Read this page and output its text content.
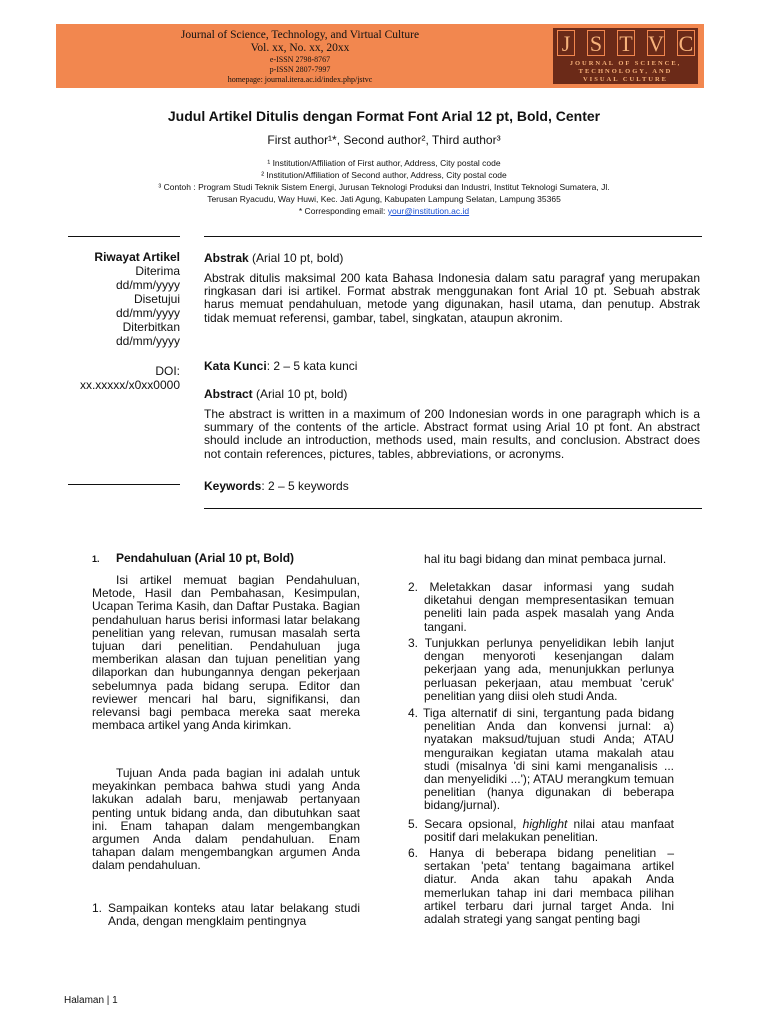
Journal of Science, Technology, and Virtual Culture
Vol. xx, No. xx, 20xx
e-ISSN 2798-8767
p-ISSN 2807-7997
homepage: journal.itera.ac.id/index.php/jstvc
J S T V C
JOURNAL OF SCIENCE,
TECHNOLOGY, AND
VISUAL CULTURE
Judul Artikel Ditulis dengan Format Font Arial 12 pt, Bold, Center
First author¹*, Second author², Third author³
¹ Institution/Affiliation of First author, Address, City postal code
² Institution/Affiliation of Second author, Address, City postal code
³ Contoh : Program Studi Teknik Sistem Energi, Jurusan Teknologi Produksi dan Industri, Institut Teknologi Sumatera, Jl.
Terusan Ryacudu, Way Huwi, Kec. Jati Agung, Kabupaten Lampung Selatan, Lampung 35365
* Corresponding email: your@institution.ac.id
Riwayat Artikel
Diterima
dd/mm/yyyy
Disetujui
dd/mm/yyyy
Diterbitkan
dd/mm/yyyy
DOI:
xx.xxxxx/x0xx0000
Abstrak (Arial 10 pt, bold)
Abstrak ditulis maksimal 200 kata Bahasa Indonesia dalam satu paragraf yang merupakan ringkasan dari isi artikel. Format abstrak menggunakan font Arial 10 pt. Sebuah abstrak harus memuat pendahuluan, metode yang digunakan, hasil utama, dan penutup. Abstrak tidak memuat referensi, gambar, tabel, singkatan, ataupun akronim.
Kata Kunci: 2 – 5 kata kunci
Abstract (Arial 10 pt, bold)
The abstract is written in a maximum of 200 Indonesian words in one paragraph which is a summary of the contents of the article. Abstract format using Arial 10 pt font. An abstract should include an introduction, methods used, main results, and conclusion. Abstract does not contain references, pictures, tables, abbreviations, or acronyms.
Keywords: 2 – 5 keywords
1. Pendahuluan (Arial 10 pt, Bold)
Isi artikel memuat bagian Pendahuluan, Metode, Hasil dan Pembahasan, Kesimpulan, Ucapan Terima Kasih, dan Daftar Pustaka. Bagian pendahuluan harus berisi informasi latar belakang penelitian yang relevan, rumusan masalah serta tujuan dari penelitian. Pendahuluan juga memberikan alasan dan tujuan penelitian yang dilaporkan dan hubungannya dengan pekerjaan sebelumnya pada bidang serupa. Editor dan reviewer mencari hal baru, signifikansi, dan relevansi bagi pembaca mereka saat mereka membaca artikel yang Anda kirimkan.
Tujuan Anda pada bagian ini adalah untuk meyakinkan pembaca bahwa studi yang Anda lakukan adalah baru, menjawab pertanyaan penting untuk bidang anda, dan dibutuhkan saat ini. Enam tahapan dalam mengembangkan argumen Anda dalam pendahuluan. Enam tahapan dalam mengembangkan argumen Anda dalam pendahuluan.
1. Sampaikan konteks atau latar belakang studi Anda, dengan mengklaim pentingnya
hal itu bagi bidang dan minat pembaca jurnal.
2. Meletakkan dasar informasi yang sudah diketahui dengan mempresentasikan temuan peneliti lain pada aspek masalah yang Anda tangani.
3. Tunjukkan perlunya penyelidikan lebih lanjut dengan menyoroti kesenjangan dalam pekerjaan yang ada, menunjukkan perlunya perluasan pekerjaan, atau membuat 'ceruk' penelitian yang diisi oleh studi Anda.
4. Tiga alternatif di sini, tergantung pada bidang penelitian Anda dan konvensi jurnal: a) nyatakan maksud/tujuan studi Anda; ATAU menguraikan kegiatan utama makalah atau studi (misalnya 'di sini kami menganalisis ... dan menyelidiki ...'); ATAU merangkum temuan penelitian (hanya digunakan di beberapa bidang/jurnal).
5. Secara opsional, highlight nilai atau manfaat positif dari melakukan penelitian.
6. Hanya di beberapa bidang penelitian – sertakan 'peta' tentang bagaimana artikel diatur. Anda akan tahu apakah Anda memerlukan tahap ini dari membaca pilihan artikel terbaru dari jurnal target Anda. Ini adalah strategi yang sangat penting bagi
Halaman | 1
